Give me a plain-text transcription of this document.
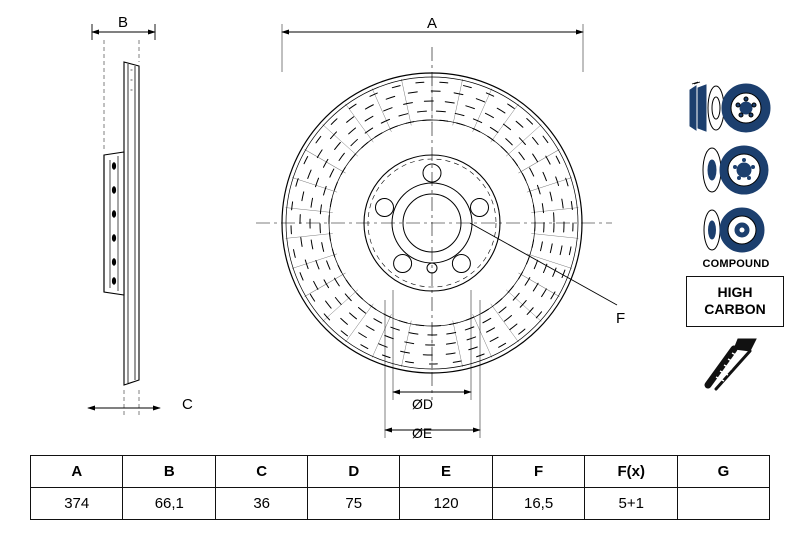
B
C
A
F
ØD
ØE
COMPOUND
HIGH
CARBON
A	B	C	D	E	F	F(x)	G
374	66,1	36	75	120	16,5	5+1	
